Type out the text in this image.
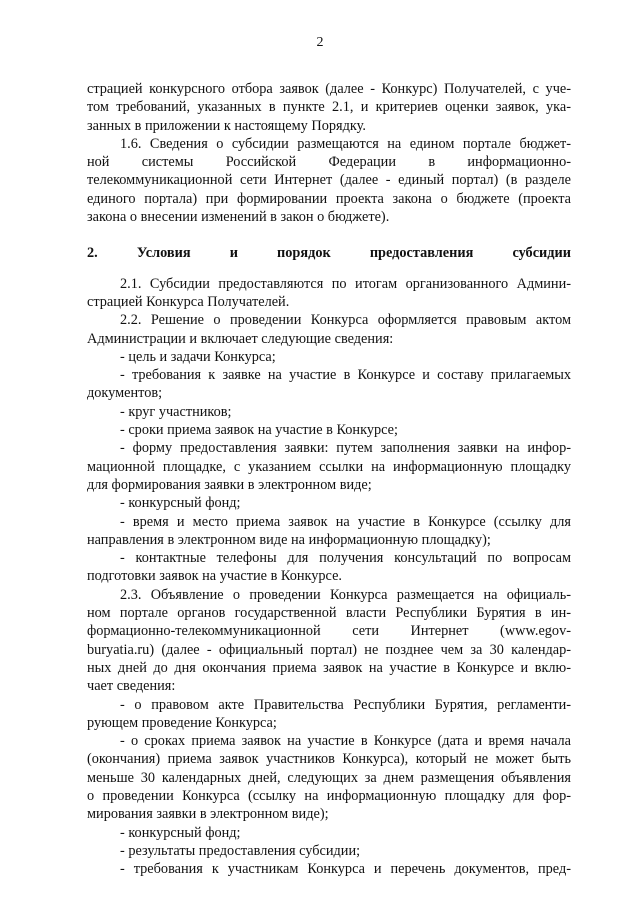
2
страцией конкурсного отбора заявок (далее - Конкурс) Получателей, с уче-
том требований, указанных в пункте 2.1, и критериев оценки заявок, ука-
занных в приложении к настоящему Порядку.
1.6. Сведения о субсидии размещаются на едином портале бюджет-
ной системы Российской Федерации в информационно-
телекоммуникационной сети Интернет (далее - единый портал) (в разделе
единого портала) при формировании проекта закона о бюджете (проекта
закона о внесении изменений в закон о бюджете).
2. Условия и порядок предоставления субсидии
2.1. Субсидии предоставляются по итогам организованного Админи-
страцией Конкурса Получателей.
2.2. Решение о проведении Конкурса оформляется правовым актом
Администрации и включает следующие сведения:
- цель и задачи Конкурса;
- требования к заявке на участие в Конкурсе и составу прилагаемых
документов;
- круг участников;
- сроки приема заявок на участие в Конкурсе;
- форму предоставления заявки: путем заполнения заявки на инфор-
мационной площадке, с указанием ссылки на информационную площадку
для формирования заявки в электронном виде;
- конкурсный фонд;
- время и место приема заявок на участие в Конкурсе (ссылку для
направления в электронном виде на информационную площадку);
- контактные телефоны для получения консультаций по вопросам
подготовки заявок на участие в Конкурсе.
2.3. Объявление о проведении Конкурса размещается на официаль-
ном портале органов государственной власти Республики Бурятия в ин-
формационно-телекоммуникационной сети Интернет (www.egov-
buryatia.ru) (далее - официальный портал) не позднее чем за 30 календар-
ных дней до дня окончания приема заявок на участие в Конкурсе и вклю-
чает сведения:
- о правовом акте Правительства Республики Бурятия, регламенти-
рующем проведение Конкурса;
- о сроках приема заявок на участие в Конкурсе (дата и время начала
(окончания) приема заявок участников Конкурса), который не может быть
меньше 30 календарных дней, следующих за днем размещения объявления
о проведении Конкурса (ссылку на информационную площадку для фор-
мирования заявки в электронном виде);
- конкурсный фонд;
- результаты предоставления субсидии;
- требования к участникам Конкурса и перечень документов, пред-
